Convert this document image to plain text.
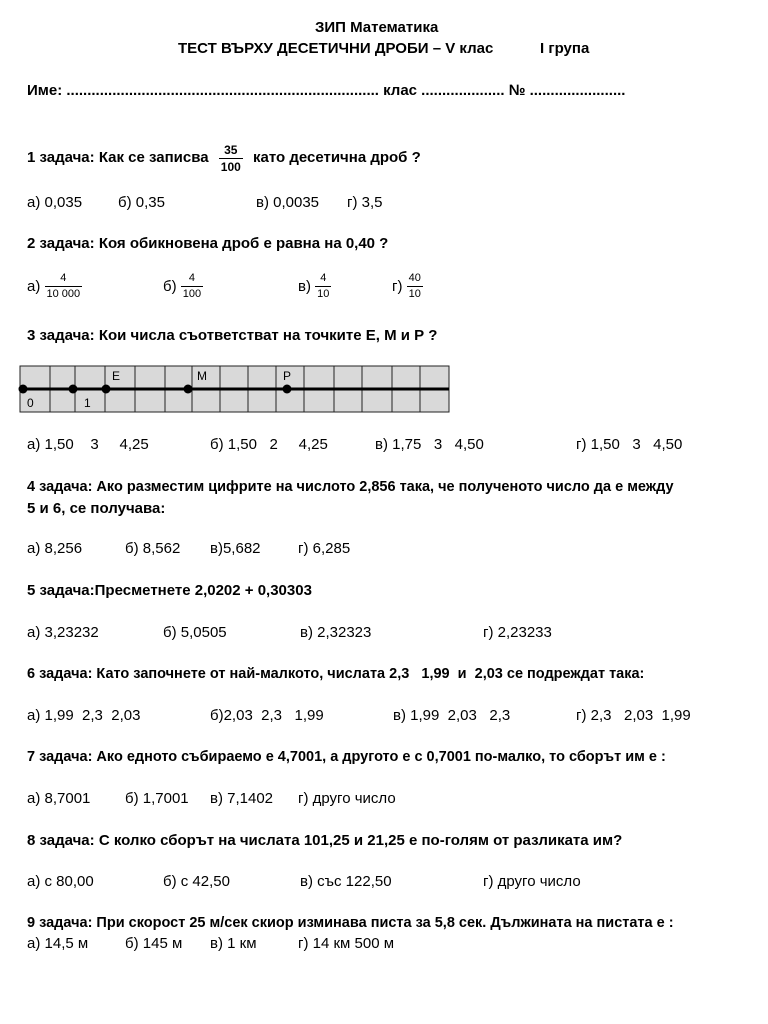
ЗИП Математика
ТЕСТ ВЪРХУ ДЕСЕТИЧНИ ДРОБИ – V клас	І група
Име: ........................................................................... клас .................... № .......................
1 задача: Как се записва $\frac{35}{100}$ като десетична дроб ?
а) 0,035 б) 0,35	в) 0,0035 г) 3,5
2 задача: Коя обикновена дроб е равна на 0,40 ?
$а) \frac{4}{10 000}$	$б) \frac{4}{100}$	$в) \frac{4}{10}$	$г) \frac{40}{10}$
3 задача: Кои числа съответстват на точките Е, М и Р ?
0	1
Е	М	Р
а) 1,50    3     4,25	б) 1,50   2     4,25	в) 1,75   3   4,50	г) 1,50   3   4,50
4 задача: Ако разместим цифрите на числото 2,856 така, че полученото число да е между
5 и 6, се получава:
а) 8,256	б) 8,562 в)5,682 г) 6,285
5 задача:Пресметнете 2,0202 + 0,30303
а) 3,23232	б) 5,0505	в) 2,32323	г) 2,23233
6 задача: Като започнете от най-малкото, числата 2,3   1,99  и  2,03 се подреждат така:
а) 1,99  2,3  2,03	б)2,03  2,3   1,99	в) 1,99  2,03   2,3	г) 2,3   2,03  1,99
7 задача: Ако едното събираемо е 4,7001, а другото е с 0,7001 по-малко, то сборът им е :
а) 8,7001 б) 1,7001 в) 7,1402 г) друго число
8 задача: С колко сборът на числата 101,25 и 21,25 е по-голям от разликата им?
а) с 80,00	б) с 42,50	в) със 122,50	г) друго число
9 задача: При скорост 25 м/сек скиор изминава писта за 5,8 сек. Дължината на пистата е :
а) 14,5 м б) 145 м в) 1 км	г) 14 км 500 м
